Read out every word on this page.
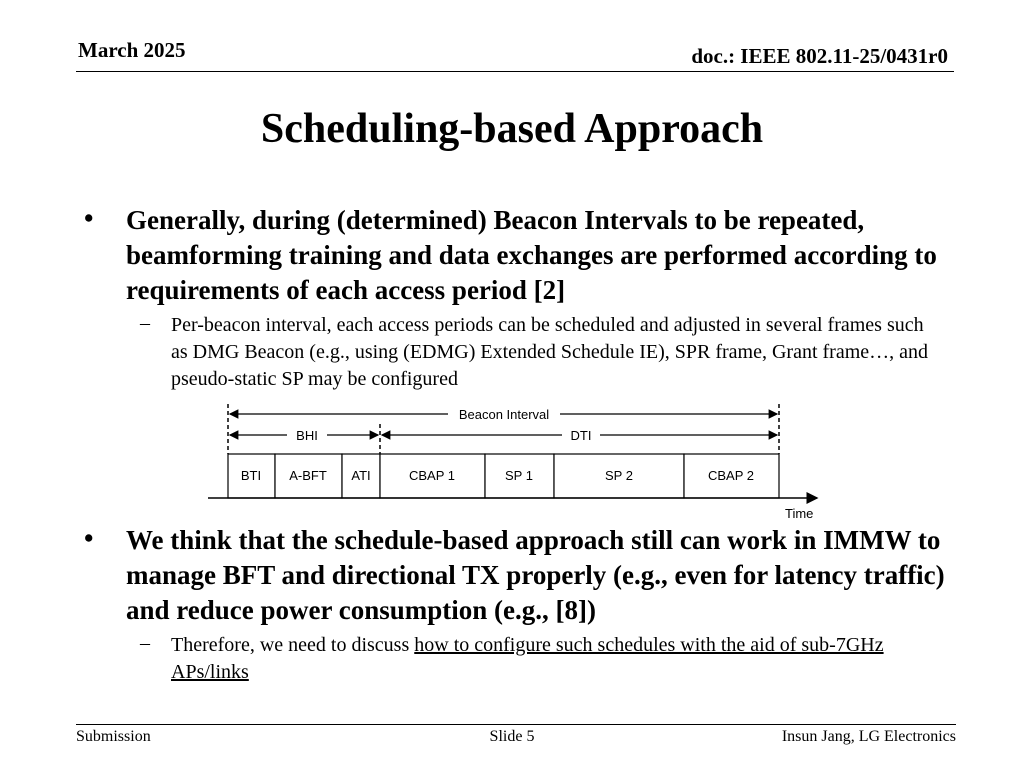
March 2025	doc.: IEEE 802.11-25/0431r0
Scheduling-based Approach
• Generally, during (determined) Beacon Intervals to be repeated, beamforming training and data exchanges are performed according to requirements of each access period [2]
– Per-beacon interval, each access periods can be scheduled and adjusted in several frames such as DMG Beacon (e.g., using (EDMG) Extended Schedule IE), SPR frame, Grant frame…, and pseudo-static SP may be configured
Beacon Interval
BHI	DTI
BTI A-BFT ATI	CBAP 1	SP 1	SP 2	CBAP 2
Time
• We think that the schedule-based approach still can work in IMMW to manage BFT and directional TX properly (e.g., even for latency traffic) and reduce power consumption (e.g., [8])
– Therefore, we need to discuss how to configure such schedules with the aid of sub-7GHz APs/links
Submission	Slide 5	Insun Jang, LG Electronics
